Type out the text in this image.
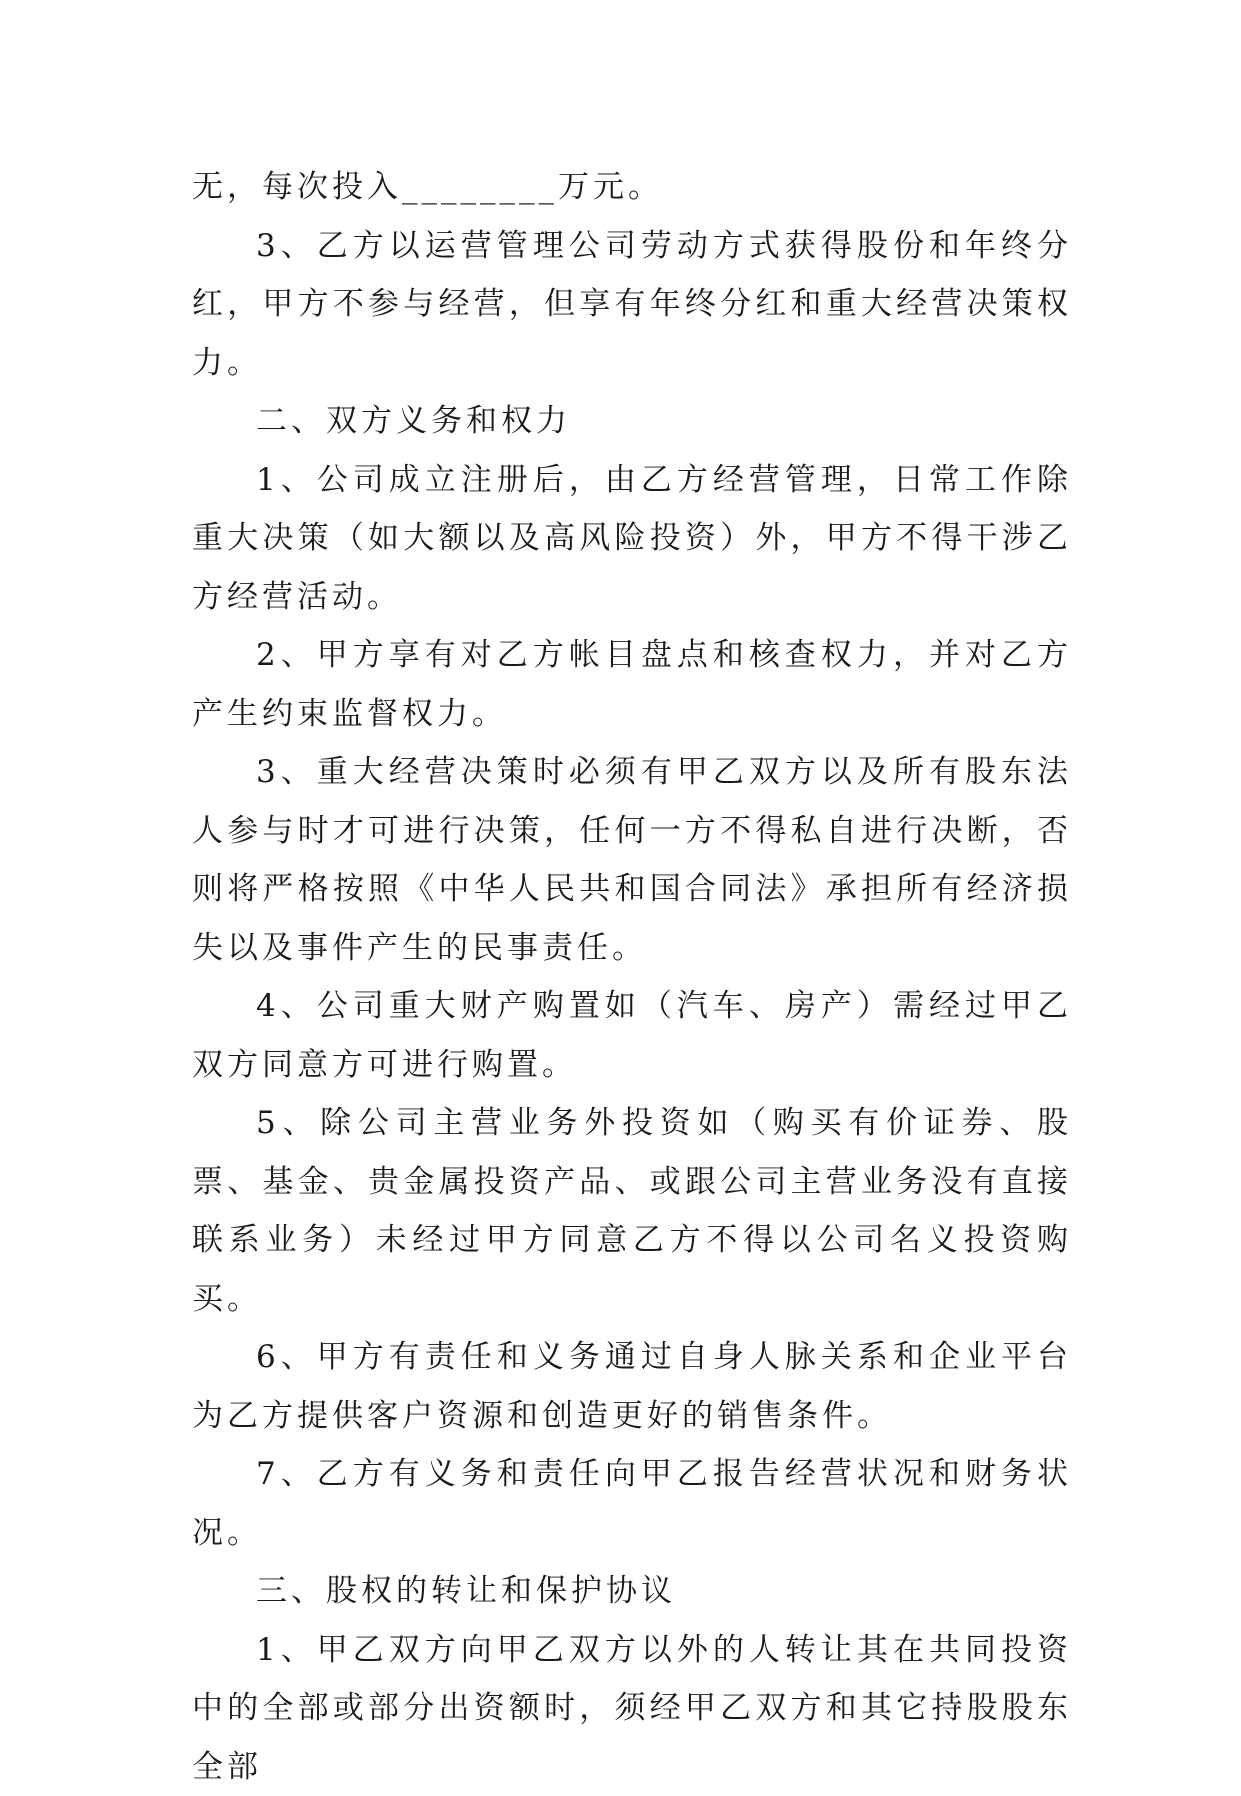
无，每次投入________万元。

3、乙方以运营管理公司劳动方式获得股份和年终分红，甲方不参与经营，但享有年终分红和重大经营决策权力。

二、双方义务和权力

1、公司成立注册后，由乙方经营管理，日常工作除重大决策（如大额以及高风险投资）外，甲方不得干涉乙方经营活动。

2、甲方享有对乙方帐目盘点和核查权力，并对乙方产生约束监督权力。

3、重大经营决策时必须有甲乙双方以及所有股东法人参与时才可进行决策，任何一方不得私自进行决断，否则将严格按照《中华人民共和国合同法》承担所有经济损失以及事件产生的民事责任。

4、公司重大财产购置如（汽车、房产）需经过甲乙双方同意方可进行购置。

5、除公司主营业务外投资如（购买有价证券、股票、基金、贵金属投资产品、或跟公司主营业务没有直接联系业务）未经过甲方同意乙方不得以公司名义投资购买。

6、甲方有责任和义务通过自身人脉关系和企业平台为乙方提供客户资源和创造更好的销售条件。

7、乙方有义务和责任向甲乙报告经营状况和财务状况。

三、股权的转让和保护协议

1、甲乙双方向甲乙双方以外的人转让其在共同投资中的全部或部分出资额时，须经甲乙双方和其它持股股东全部
